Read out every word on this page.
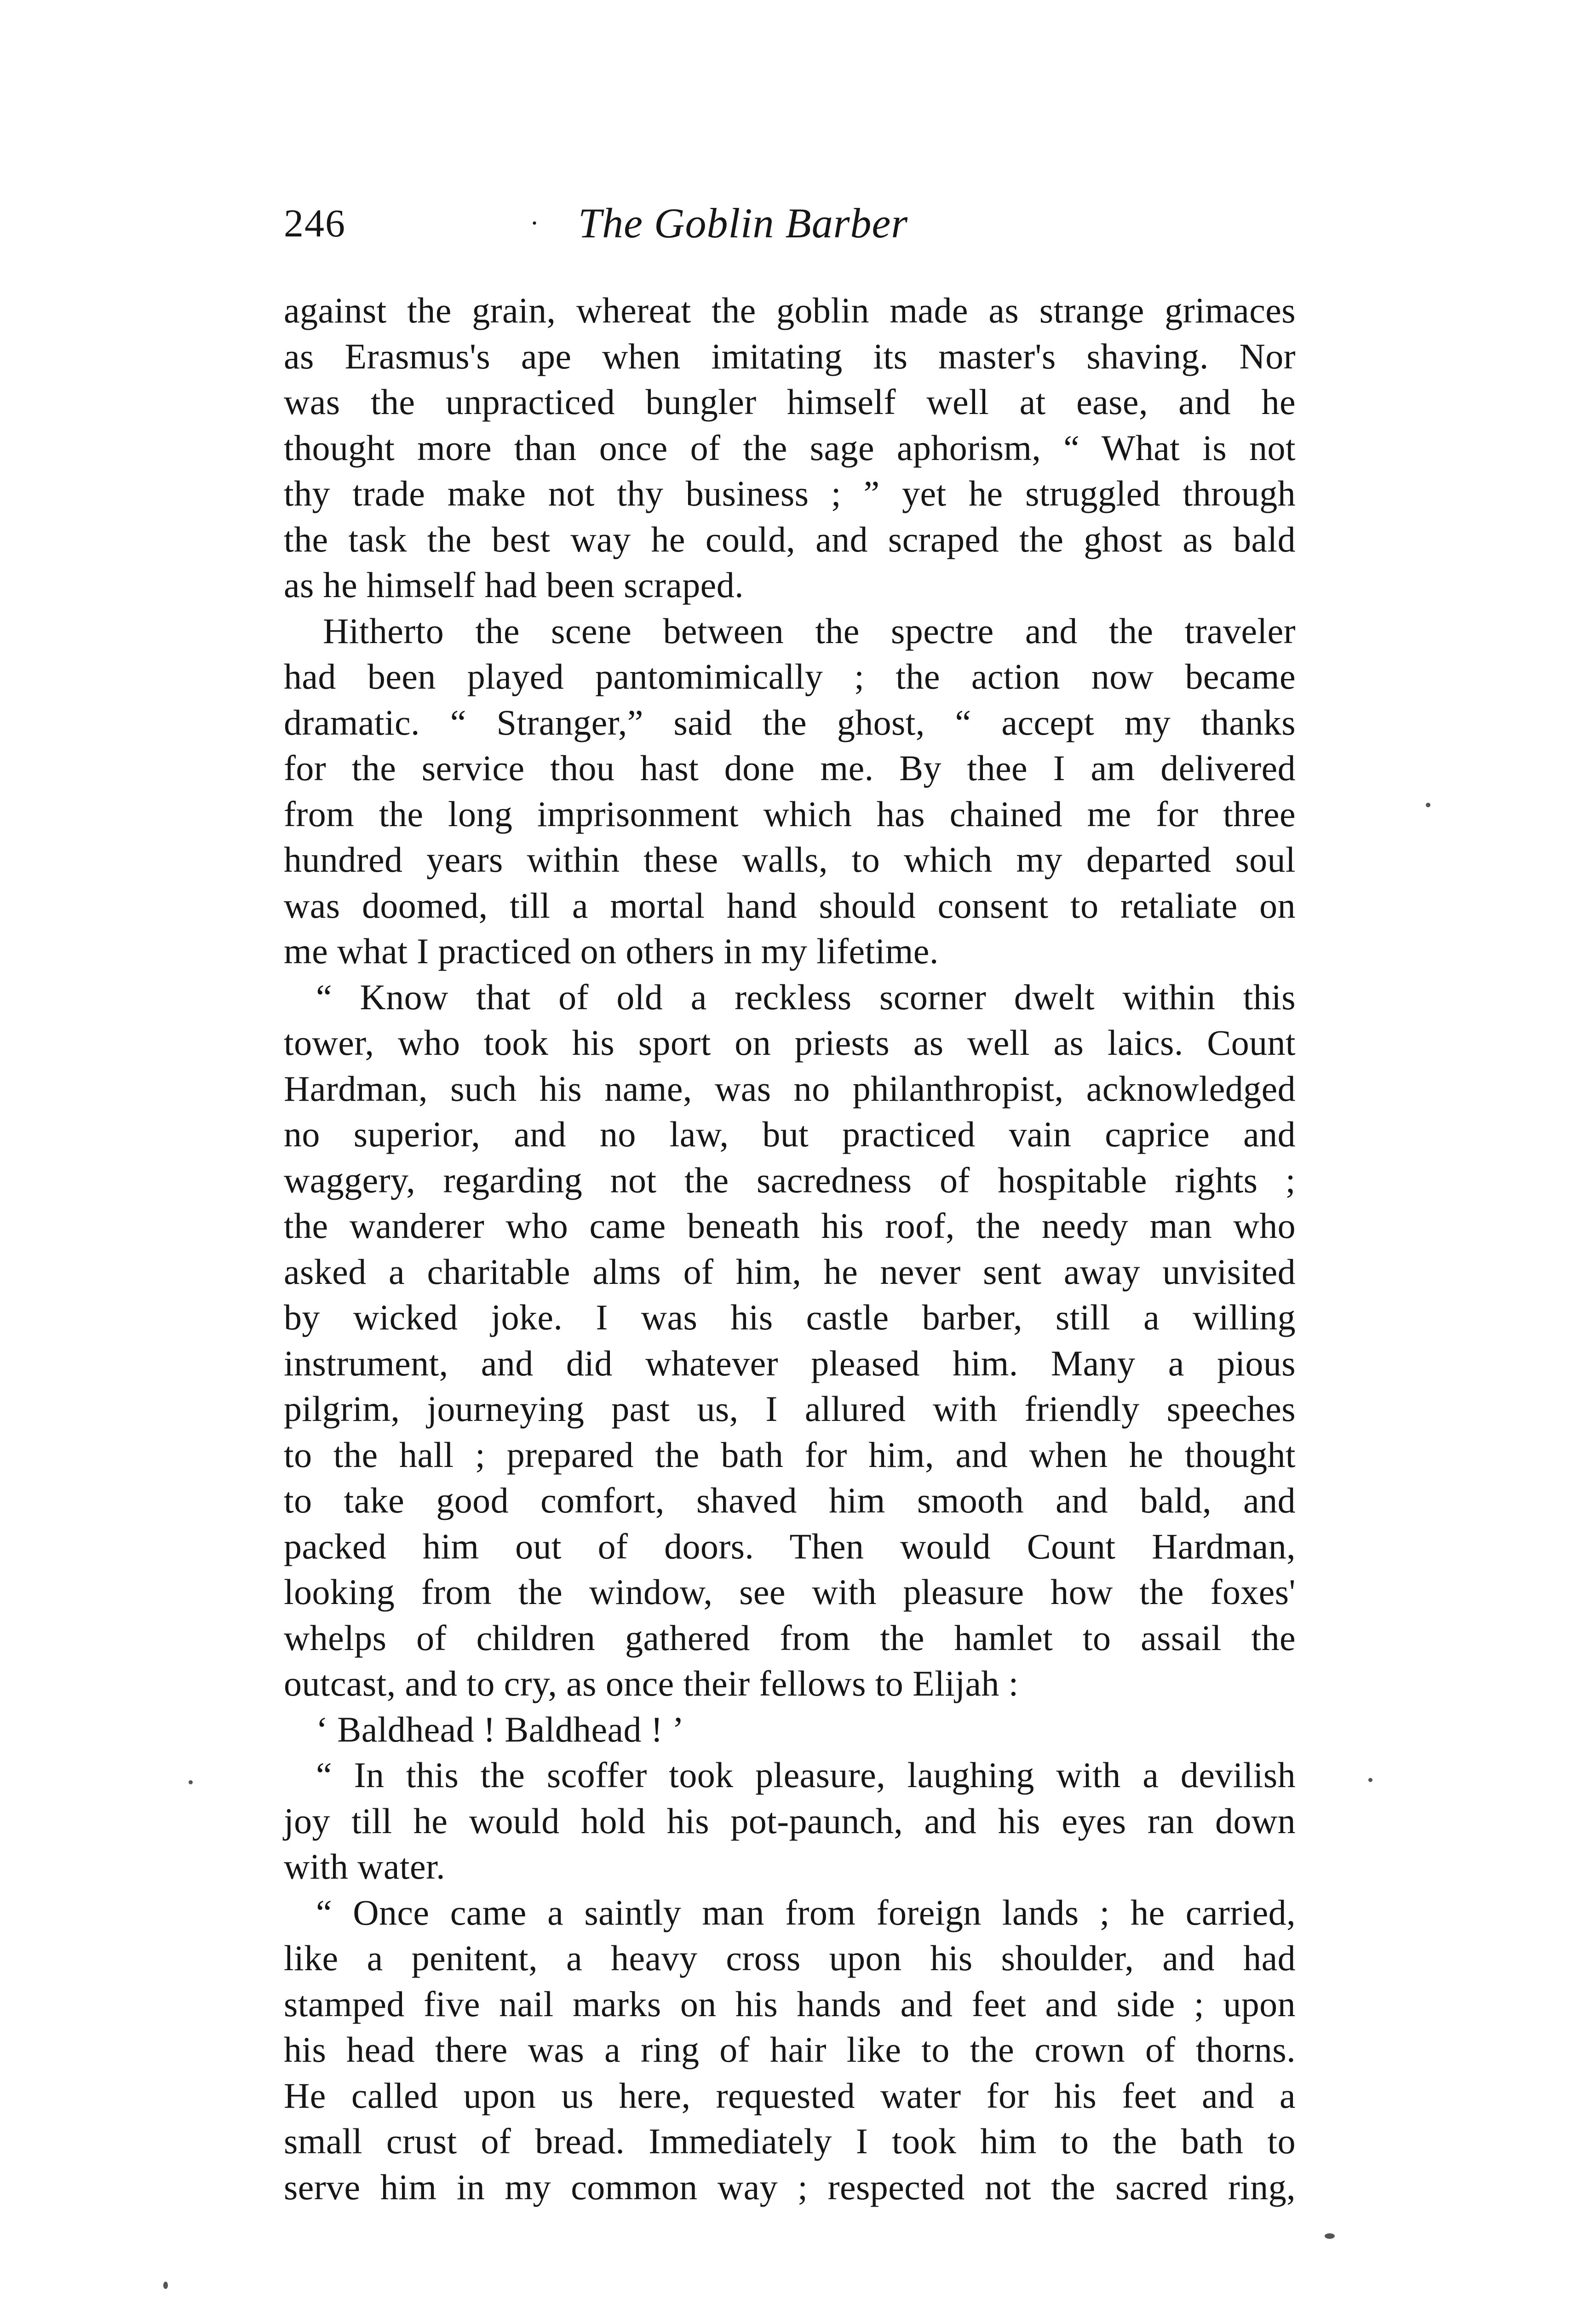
246	· The Goblin Barber
against the grain, whereat the goblin made as strange grimaces
as Erasmus's ape when imitating its master's shaving. Nor
was the unpracticed bungler himself well at ease, and he
thought more than once of the sage aphorism, “ What is not
thy trade make not thy business ; ” yet he struggled through
the task the best way he could, and scraped the ghost as bald
as he himself had been scraped.
Hitherto the scene between the spectre and the traveler
had been played pantomimically ; the action now became
dramatic. “ Stranger,” said the ghost, “ accept my thanks
for the service thou hast done me. By thee I am delivered
from the long imprisonment which has chained me for three
hundred years within these walls, to which my departed soul
was doomed, till a mortal hand should consent to retaliate on
me what I practiced on others in my lifetime.
“ Know that of old a reckless scorner dwelt within this
tower, who took his sport on priests as well as laics. Count
Hardman, such his name, was no philanthropist, acknowledged
no superior, and no law, but practiced vain caprice and
waggery, regarding not the sacredness of hospitable rights ;
the wanderer who came beneath his roof, the needy man who
asked a charitable alms of him, he never sent away unvisited
by wicked joke. I was his castle barber, still a willing
instrument, and did whatever pleased him. Many a pious
pilgrim, journeying past us, I allured with friendly speeches
to the hall ; prepared the bath for him, and when he thought
to take good comfort, shaved him smooth and bald, and
packed him out of doors. Then would Count Hardman,
looking from the window, see with pleasure how the foxes'
whelps of children gathered from the hamlet to assail the
outcast, and to cry, as once their fellows to Elijah :
‘ Baldhead ! Baldhead ! ’
“ In this the scoffer took pleasure, laughing with a devilish
joy till he would hold his pot-paunch, and his eyes ran down
with water.
“ Once came a saintly man from foreign lands ; he carried,
like a penitent, a heavy cross upon his shoulder, and had
stamped five nail marks on his hands and feet and side ; upon
his head there was a ring of hair like to the crown of thorns.
He called upon us here, requested water for his feet and a
small crust of bread. Immediately I took him to the bath to
serve him in my common way ; respected not the sacred ring,
